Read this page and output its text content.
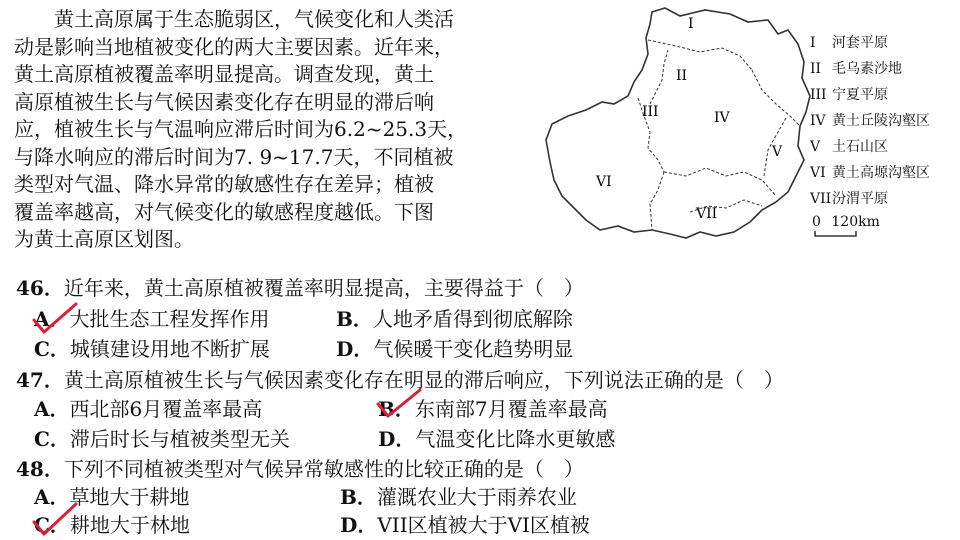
黄土高原属于生态脆弱区，气候变化和人类活
动是影响当地植被变化的两大主要因素。近年来，
黄土高原植被覆盖率明显提高。调查发现，黄土
高原植被生长与气候因素变化存在明显的滞后响
应，植被生长与气温响应滞后时间为6.2~25.3天，
与降水响应的滞后时间为7. 9~17.7天，不同植被
类型对气温、降水异常的敏感性存在差异；植被
覆盖率越高，对气候变化的敏感程度越低。下图
为黄土高原区划图。
I
II
III	IV
V
VI
VII
I 河套平原
II 毛乌素沙地
III 宁夏平原
IV 黄土丘陵沟壑区
V 土石山区
VI 黄土高塬沟壑区
VII汾渭平原
0 120km
46．近年来，黄土高原植被覆盖率明显提高，主要得益于（　）
A．大批生态工程发挥作用	B．人地矛盾得到彻底解除
C．城镇建设用地不断扩展	D．气候暖干变化趋势明显
47．黄土高原植被生长与气候因素变化存在明显的滞后响应，下列说法正确的是（　）
A．西北部6月覆盖率最高	B．东南部7月覆盖率最高
C．滞后时长与植被类型无关	D．气温变化比降水更敏感
48．下列不同植被类型对气候异常敏感性的比较正确的是（　）
A．草地大于耕地	B．灌溉农业大于雨养农业
C．耕地大于林地	D．VII区植被大于VI区植被
